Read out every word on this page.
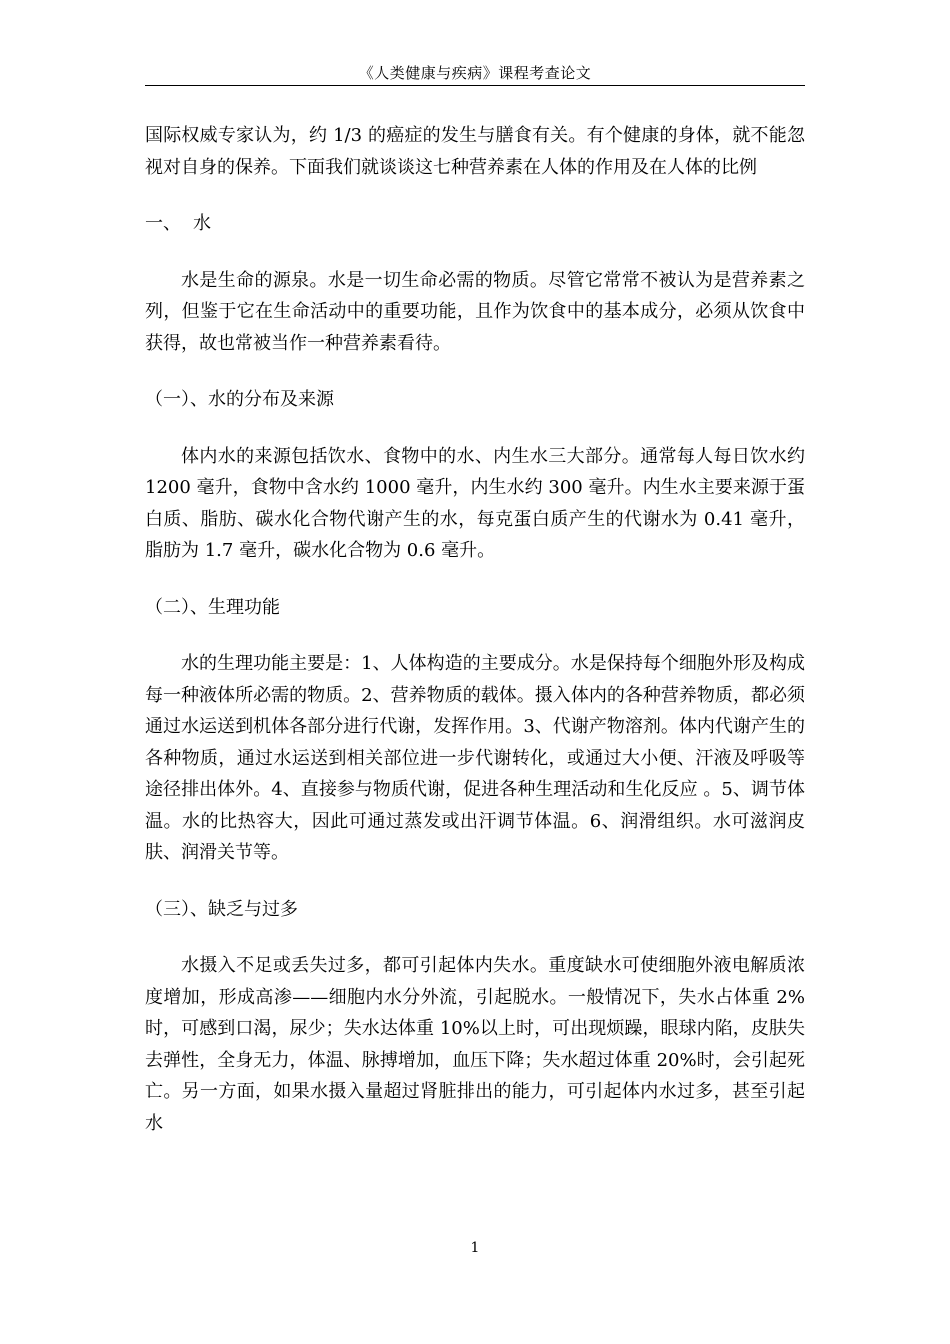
《人类健康与疾病》课程考查论文

国际权威专家认为，约 1/3 的癌症的发生与膳食有关。有个健康的身体，就不能忽视对自身的保养。下面我们就谈谈这七种营养素在人体的作用及在人体的比例

一、 水

水是生命的源泉。水是一切生命必需的物质。尽管它常常不被认为是营养素之列，但鉴于它在生命活动中的重要功能，且作为饮食中的基本成分，必须从饮食中获得，故也常被当作一种营养素看待。

（一）、水的分布及来源

体内水的来源包括饮水、食物中的水、内生水三大部分。通常每人每日饮水约 1200 毫升，食物中含水约 1000 毫升，内生水约 300 毫升。内生水主要来源于蛋白质、脂肪、碳水化合物代谢产生的水，每克蛋白质产生的代谢水为 0.41 毫升，脂肪为 1.7 毫升，碳水化合物为 0.6 毫升。

（二）、生理功能

水的生理功能主要是：1、人体构造的主要成分。水是保持每个细胞外形及构成每一种液体所必需的物质。2、营养物质的载体。摄入体内的各种营养物质，都必须通过水运送到机体各部分进行代谢，发挥作用。3、代谢产物溶剂。体内代谢产生的各种物质，通过水运送到相关部位进一步代谢转化，或通过大小便、汗液及呼吸等途径排出体外。4、直接参与物质代谢，促进各种生理活动和生化反应 。5、调节体温。水的比热容大，因此可通过蒸发或出汗调节体温。6、润滑组织。水可滋润皮肤、润滑关节等。

（三）、缺乏与过多

水摄入不足或丢失过多，都可引起体内失水。重度缺水可使细胞外液电解质浓度增加，形成高渗——细胞内水分外流，引起脱水。一般情况下，失水占体重 2%时，可感到口渴，尿少；失水达体重 10%以上时，可出现烦躁，眼球内陷，皮肤失去弹性，全身无力，体温、脉搏增加，血压下降；失水超过体重 20%时，会引起死亡。另一方面，如果水摄入量超过肾脏排出的能力，可引起体内水过多，甚至引起水

1
